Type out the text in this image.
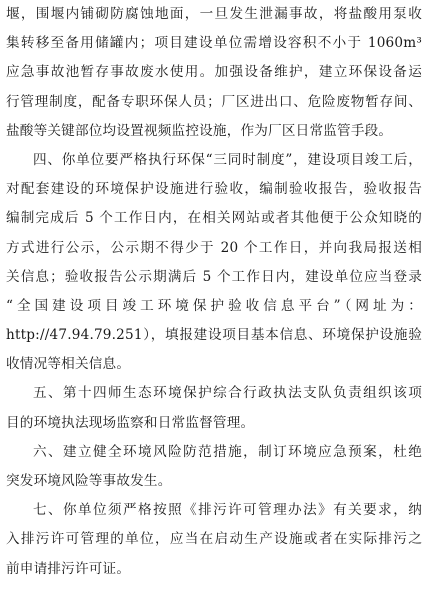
堰，围堰内铺砌防腐蚀地面，一旦发生泄漏事故，将盐酸用泵收
集转移至备用储罐内；项目建设单位需增设容积不小于 1060m³
应急事故池暂存事故废水使用。加强设备维护，建立环保设备运
行管理制度，配备专职环保人员；厂区进出口、危险废物暂存间、
盐酸等关键部位均设置视频监控设施，作为厂区日常监管手段。
四、你单位要严格执行环保“三同时制度”，建设项目竣工后，
对配套建设的环境保护设施进行验收，编制验收报告，验收报告
编制完成后 5 个工作日内，在相关网站或者其他便于公众知晓的
方式进行公示，公示期不得少于 20 个工作日，并向我局报送相
关信息；验收报告公示期满后 5 个工作日内，建设单位应当登录
“全国建设项目竣工环境保护验收信息平台”（网址为：
http://47.94.79.251），填报建设项目基本信息、环境保护设施验
收情况等相关信息。
五、第十四师生态环境保护综合行政执法支队负责组织该项
目的环境执法现场监察和日常监督管理。
六、建立健全环境风险防范措施，制订环境应急预案，杜绝
突发环境风险等事故发生。
七、你单位须严格按照《排污许可管理办法》有关要求，纳
入排污许可管理的单位，应当在启动生产设施或者在实际排污之
前申请排污许可证。
